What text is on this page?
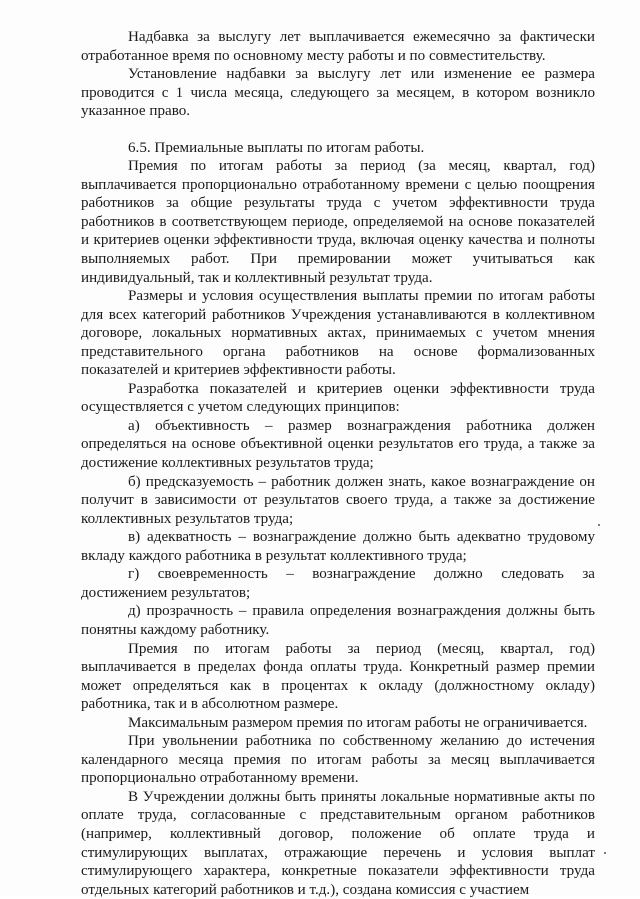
Надбавка за выслугу лет выплачивается ежемесячно за фактически отработанное время по основному месту работы и по совместительству.

Установление надбавки за выслугу лет или изменение ее размера проводится с 1 числа месяца, следующего за месяцем, в котором возникло указанное право.

6.5. Премиальные выплаты по итогам работы.

Премия по итогам работы за период (за месяц, квартал, год) выплачивается пропорционально отработанному времени с целью поощрения работников за общие результаты труда с учетом эффективности труда работников в соответствующем периоде, определяемой на основе показателей и критериев оценки эффективности труда, включая оценку качества и полноты выполняемых работ. При премировании может учитываться как индивидуальный, так и коллективный результат труда.

Размеры и условия осуществления выплаты премии по итогам работы для всех категорий работников Учреждения устанавливаются в коллективном договоре, локальных нормативных актах, принимаемых с учетом мнения представительного органа работников на основе формализованных показателей и критериев эффективности работы.

Разработка показателей и критериев оценки эффективности труда осуществляется с учетом следующих принципов:

а) объективность – размер вознаграждения работника должен определяться на основе объективной оценки результатов его труда, а также за достижение коллективных результатов труда;

б) предсказуемость – работник должен знать, какое вознаграждение он получит в зависимости от результатов своего труда, а также за достижение коллективных результатов труда;

в) адекватность – вознаграждение должно быть адекватно трудовому вкладу каждого работника в результат коллективного труда;

г) своевременность – вознаграждение должно следовать за достижением результатов;

д) прозрачность – правила определения вознаграждения должны быть понятны каждому работнику.

Премия по итогам работы за период (месяц, квартал, год) выплачивается в пределах фонда оплаты труда. Конкретный размер премии может определяться как в процентах к окладу (должностному окладу) работника, так и в абсолютном размере.

Максимальным размером премия по итогам работы не ограничивается.

При увольнении работника по собственному желанию до истечения календарного месяца премия по итогам работы за месяц выплачивается пропорционально отработанному времени.

В Учреждении должны быть приняты локальные нормативные акты по оплате труда, согласованные с представительным органом работников (например, коллективный договор, положение об оплате труда и стимулирующих выплатах, отражающие перечень и условия выплат стимулирующего характера, конкретные показатели эффективности труда отдельных категорий работников и т.д.), создана комиссия с участием
